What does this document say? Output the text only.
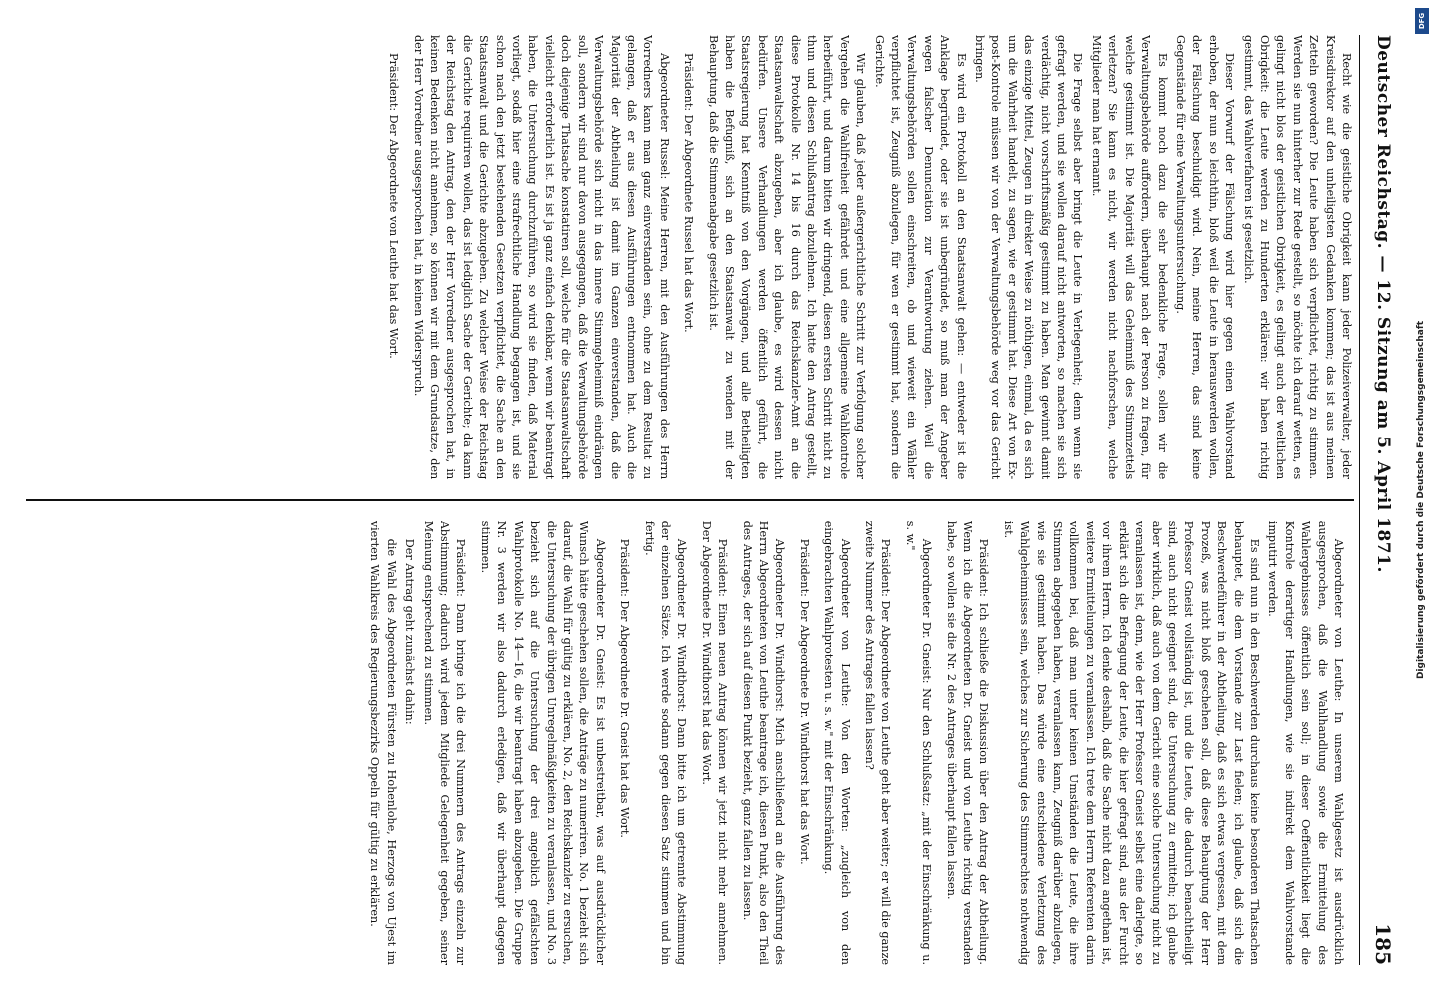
Deutscher Reichstag. — 12. Sitzung am 5. April 1871.
185

Recht wie die geistliche Obrigkeit kann jeder Polizeiverwalter, jeder Kreisdirektor auf den unheiligsten Gedanken kommen; das ist aus meinen Zetteln geworden? Die Leute haben sich verpflichtet, richtig zu stimmen. Werden sie nun hinterher zur Rede gestellt, so möchte ich darauf wetten, es gelingt nicht blos der geistlichen Obrigkeit, es gelingt auch der weltlichen Obrigkeit: die Leute werden zu Hunderten erklären: wir haben richtig gestimmt, das Wahlverfahren ist gesetzlich.

Dieser Vorwurf der Fälschung wird hier gegen einen Wahlvorstand erhoben, der nun so leichthin, bloß weil die Leute in herauswerden wollen, der Fälschung beschuldigt wird. Nein, meine Herren, das sind keine Gegenstände für eine Verwaltungsuntersuchung.

Es kommt noch dazu die sehr bedenkliche Frage, sollen wir die Verwaltungsbehörde auffordern, überhaupt nach der Person zu fragen, für welche gestimmt ist. Die Majorität will das Geheimniß des Stimmzettels verletzen? Sie kann es nicht, wir werden nicht nachforschen, welche Mitglieder man hat ernannt.

Die Frage selbst aber bringt die Leute in Verlegenheit; denn wenn sie gefragt werden, und sie wollen darauf nicht antworten, so machen sie sich verdächtig, nicht vorschriftsmäßig gestimmt zu haben. Man gewinnt damit das einzige Mittel, Zeugen in direkter Weise zu nöthigen, einmal, da es sich um die Wahrheit handelt, zu sagen, wie er gestimmt hat. Diese Art von Ex-post-Kontrole müssen wir von der Verwaltungsbehörde weg vor das Gericht bringen.

Es wird ein Protokoll an den Staatsanwalt gehen: — entweder ist die Anklage begründet, oder sie ist unbegründet, so muß man der Angeber wegen falscher Denunciation zur Verantwortung ziehen. Weil die Verwaltungsbehörden sollen einschreiten, ob und wieweit ein Wähler verpflichtet ist, Zeugniß abzulegen, für wen er gestimmt hat, sondern die Gerichte.

Wir glauben, daß jeder außergerichtliche Schritt zur Verfolgung solcher Vergehen die Wahlfreiheit gefährdet und eine allgemeine Wahlkontrole herbeiführt, und darum bitten wir dringend, diesen ersten Schritt nicht zu thun und diesen Schlußantrag abzulehnen. Ich hatte den Antrag gestellt, diese Protokolle Nr. 14 bis 16 durch das Reichskanzler-Amt an die Staatsanwaltschaft abzugeben, aber ich glaube, es wird dessen nicht bedürfen. Unsere Verhandlungen werden öffentlich geführt, die Staatsregierung hat Kenntniß von den Vorgängen, und alle Betheiligten haben die Befugniß, sich an den Staatsanwalt zu wenden mit der Behauptung, daß die Stimmenabgabe gesetzlich ist.

Präsident: Der Abgeordnete Russel hat das Wort.

Abgeordneter Russel: Meine Herren, mit den Ausführungen des Herrn Vorredners kann man ganz einverstanden sein, ohne zu dem Resultat zu gelangen, daß er aus diesen Ausführungen entnommen hat. Auch die Majorität der Abtheilung ist damit im Ganzen einverstanden, daß die Verwaltungsbehörde sich nicht in das innere Stimmgeheimniß eindrängen soll, sondern wir sind nur davon ausgegangen, daß die Verwaltungsbehörde doch diejenige Thatsache konstatiren soll, welche für die Staatsanwaltschaft vielleicht erforderlich ist. Es ist ja ganz einfach denkbar, wenn wir beantragt haben, die Untersuchung durchzuführen, so wird sie finden, daß Material vorliegt, sodaß hier eine strafrechtliche Handlung begangen ist, und sie schon nach den jetzt bestehenden Gesetzen verpflichtet, die Sache an den Staatsanwalt und die Gerichte abzugeben. Zu welcher Weise der Reichstag die Gerichte requiriren wollen, das ist lediglich Sache der Gerichte; da kann der Reichstag den Antrag, den der Herr Vorredner ausgesprochen hat, in keinen Bedenken nicht annehmen, so können wir mit dem Grundsatze, den der Herr Vorredner ausgesprochen hat, in keinen Widerspruch.

Präsident: Der Abgeordnete von Leuthe hat das Wort.

Abgeordneter von Leuthe: In unserem Wahlgesetz ist ausdrücklich ausgesprochen, daß die Wahlhandlung sowie die Ermittelung des Wahlergebnisses öffentlich sein soll; in dieser Oeffentlichkeit liegt die Kontrole derartiger Handlungen, wie sie indirekt dem Wahlvorstande imputirt werden.

Es sind nun in den Beschwerden durchaus keine besonderen Thatsachen behauptet, die dem Vorstande zur Last fielen; ich glaube, daß sich die Beschwerdeführer in der Abtheilung, daß es sich etwas vergessen, mit dem Prozeß, was nicht bloß geschehen soll, daß diese Behauptung der Herr Professor Gneist vollständig ist, und die Leute, die dadurch benachtheiligt sind, auch nicht geeignet sind, die Untersuchung zu ermitteln; ich glaube aber wirklich, daß auch von dem Gericht eine solche Untersuchung nicht zu veranlassen ist, denn, wie der Herr Professor Gneist selbst eine darlegte, so erklärt sich die Befragung der Leute, die hier gefragt sind, aus der Furcht vor ihrem Herrn. Ich denke deshalb, daß die Sache nicht dazu angethan ist, weitere Ermittelungen zu veranlassen. Ich trete dem Herrn Referenten darin vollkommen bei, daß man unter keinen Umständen die Leute, die ihre Stimmen abgegeben haben, veranlassen kann, Zeugniß darüber abzulegen, wie sie gestimmt haben. Das würde eine entschiedene Verletzung des Wahlgeheimnisses sein, welches zur Sicherung des Stimmrechtes nothwendig ist.

Präsident: Ich schließe die Diskussion über den Antrag der Abtheilung. Wenn ich die Abgeordneten Dr. Gneist und von Leuthe richtig verstanden habe, so wollen sie die Nr. 2 des Antrages überhaupt fallen lassen.

Abgeordneter Dr. Gneist: Nur den Schlußsatz: „mit der Einschränkung u. s. w."

Präsident: Der Abgeordnete von Leuthe geht aber weiter; er will die ganze zweite Nummer des Antrages fallen lassen?

Abgeordneter von Leuthe: Von den Worten: „zugleich von den eingebrachten Wahlprotesten u. s. w." mit der Einschränkung.

Präsident: Der Abgeordnete Dr. Windthorst hat das Wort.

Abgeordneter Dr. Windthorst: Mich anschließend an die Ausführung des Herrn Abgeordneten von Leuthe beantrage ich, diesen Punkt, also den Theil des Antrages, der sich auf diesen Punkt bezieht, ganz fallen zu lassen.

Präsident: Einen neuen Antrag können wir jetzt nicht mehr annehmen. Der Abgeordnete Dr. Windthorst hat das Wort.

Abgeordneter Dr. Windthorst: Dann bitte ich um getrennte Abstimmung der einzelnen Sätze. Ich werde sodann gegen diesen Satz stimmen und bin fertig.

Präsident: Der Abgeordnete Dr. Gneist hat das Wort.

Abgeordneter Dr. Gneist: Es ist unbestreitbar, was auf ausdrücklicher Wunsch hätte geschehen sollen, die Anträge zu numeriren. No. 1 bezieht sich darauf, die Wahl für gültig zu erklären, No. 2, den Reichskanzler zu ersuchen, die Untersuchung der übrigen Unregelmäßigkeiten zu veranlassen, und No. 3 bezieht sich auf die Untersuchung der drei angeblich gefälschten Wahlprotokolle No. 14—16, die wir beantragt haben abzugeben. Die Gruppe Nr. 3 werden wir also dadurch erledigen, daß wir überhaupt dagegen stimmen.

Präsident: Dann bringe ich die drei Nummern des Antrags einzeln zur Abstimmung; dadurch wird jedem Mitgliede Gelegenheit gegeben, seiner Meinung entsprechend zu stimmen.

Der Antrag geht zunächst dahin:

die Wahl des Abgeordneten Fürsten zu Hohenlohe, Herzogs von Ujest im vierten Wahlkreis des Regierungsbezirks Oppeln für gültig zu erklären.

DFG
Digitalisierung gefördert durch die Deutsche Forschungsgemeinschaft
